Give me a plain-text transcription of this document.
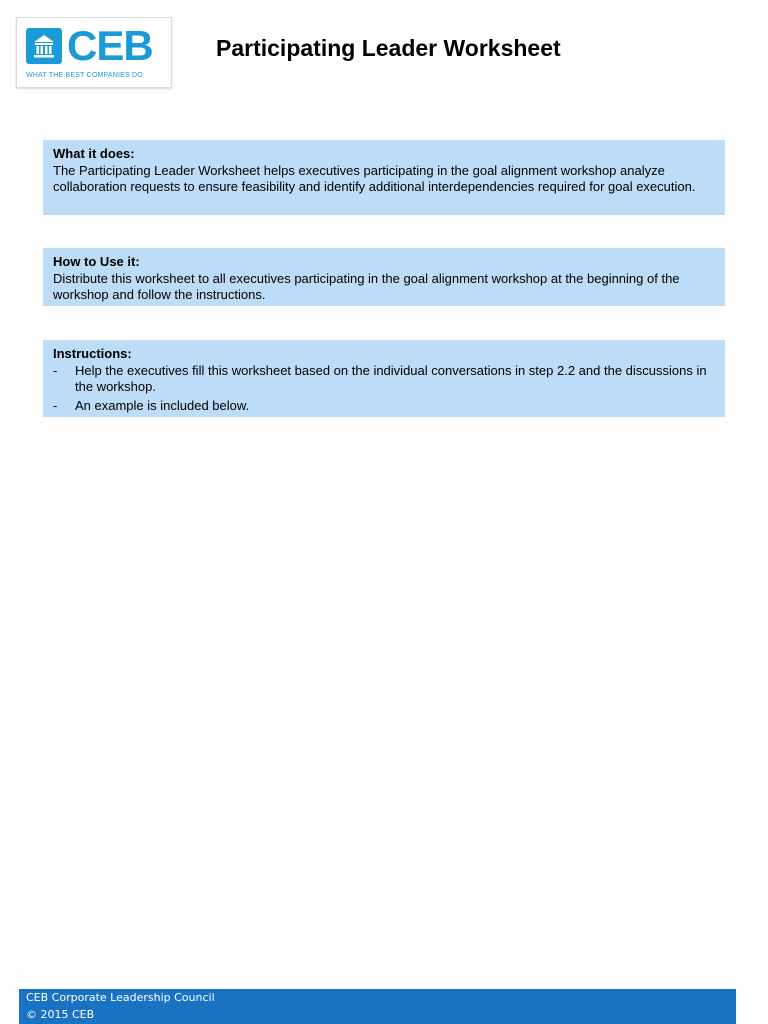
CEB
WHAT THE BEST COMPANIES DO
Participating Leader Worksheet
What it does:
The Participating Leader Worksheet helps executives participating in the goal alignment workshop analyze collaboration requests to ensure feasibility and identify additional interdependencies required for goal execution.
How to Use it:
Distribute this worksheet to all executives participating in the goal alignment workshop at the beginning of the workshop and follow the instructions.
Instructions:
- Help the executives fill this worksheet based on the individual conversations in step 2.2 and the discussions in the workshop.
- An example is included below.
CEB Corporate Leadership Council
© 2015 CEB
